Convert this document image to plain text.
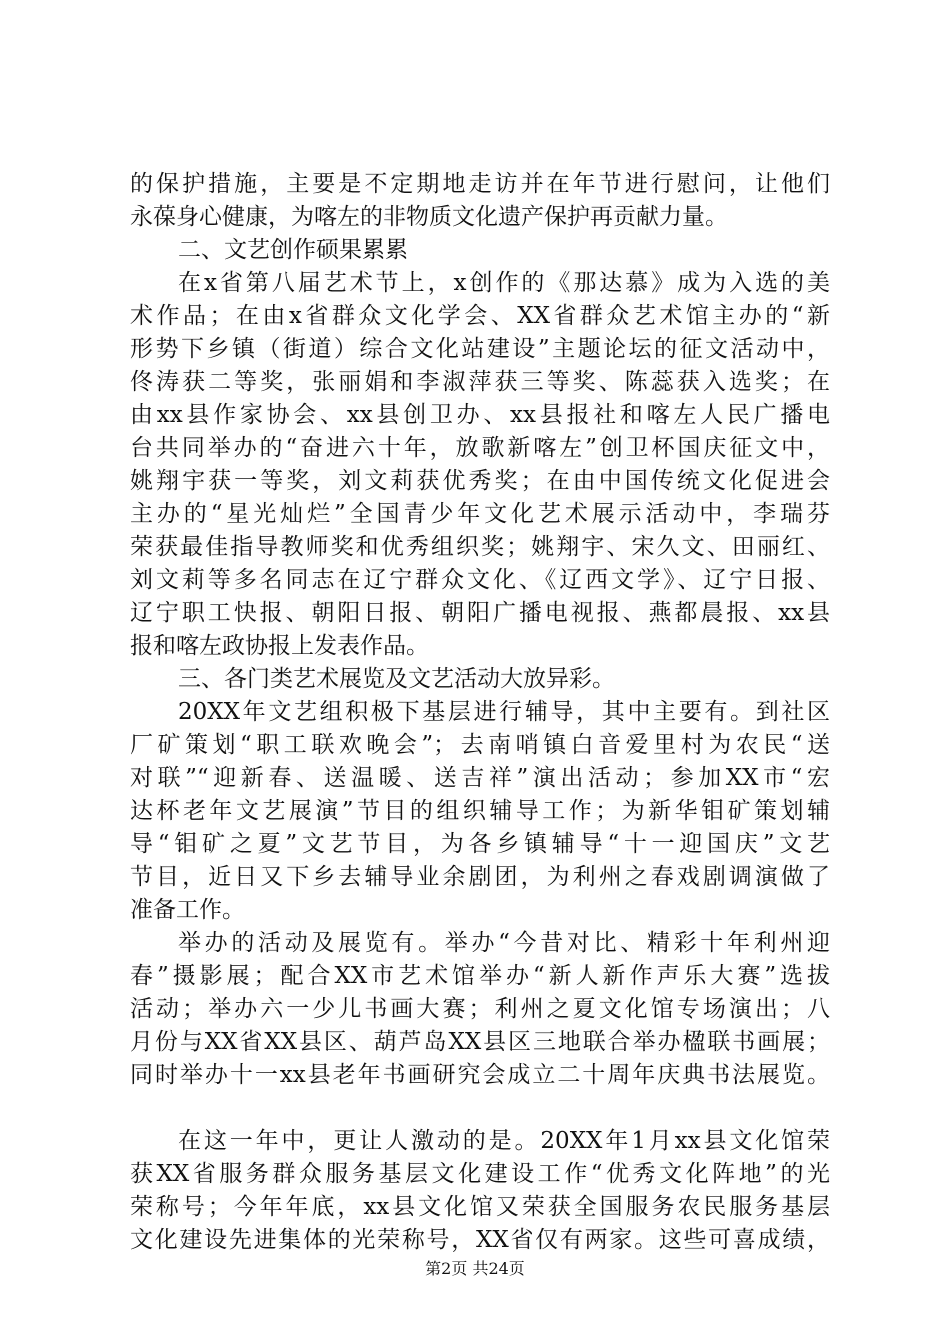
的保护措施，主要是不定期地走访并在年节进行慰问，让他们
永葆身心健康，为喀左的非物质文化遗产保护再贡献力量。
二、文艺创作硕果累累
在x省第八届艺术节上，x创作的《那达慕》成为入选的美
术作品；在由x省群众文化学会、XX省群众艺术馆主办的“新
形势下乡镇（街道）综合文化站建设”主题论坛的征文活动中，
佟涛获二等奖，张丽娟和李淑萍获三等奖、陈蕊获入选奖；在
由xx县作家协会、xx县创卫办、xx县报社和喀左人民广播电
台共同举办的“奋进六十年，放歌新喀左”创卫杯国庆征文中，
姚翔宇获一等奖，刘文莉获优秀奖；在由中国传统文化促进会
主办的“星光灿烂”全国青少年文化艺术展示活动中，李瑞芬
荣获最佳指导教师奖和优秀组织奖；姚翔宇、宋久文、田丽红、
刘文莉等多名同志在辽宁群众文化、《辽西文学》、辽宁日报、
辽宁职工快报、朝阳日报、朝阳广播电视报、燕都晨报、xx县
报和喀左政协报上发表作品。
三、各门类艺术展览及文艺活动大放异彩。
20XX年文艺组积极下基层进行辅导，其中主要有。到社区
厂矿策划“职工联欢晚会”；去南哨镇白音爱里村为农民“送
对联”“迎新春、送温暖、送吉祥”演出活动；参加XX市“宏
达杯老年文艺展演”节目的组织辅导工作；为新华钼矿策划辅
导“钼矿之夏”文艺节目，为各乡镇辅导“十一迎国庆”文艺
节目，近日又下乡去辅导业余剧团，为利州之春戏剧调演做了
准备工作。
举办的活动及展览有。举办“今昔对比、精彩十年利州迎
春”摄影展；配合XX市艺术馆举办“新人新作声乐大赛”选拔
活动；举办六一少儿书画大赛；利州之夏文化馆专场演出；八
月份与XX省XX县区、葫芦岛XX县区三地联合举办楹联书画展；
同时举办十一xx县老年书画研究会成立二十周年庆典书法展览。
在这一年中，更让人激动的是。20XX年1月xx县文化馆荣
获XX省服务群众服务基层文化建设工作“优秀文化阵地”的光
荣称号；今年年底，xx县文化馆又荣获全国服务农民服务基层
文化建设先进集体的光荣称号，XX省仅有两家。这些可喜成绩，
第2页 共24页
